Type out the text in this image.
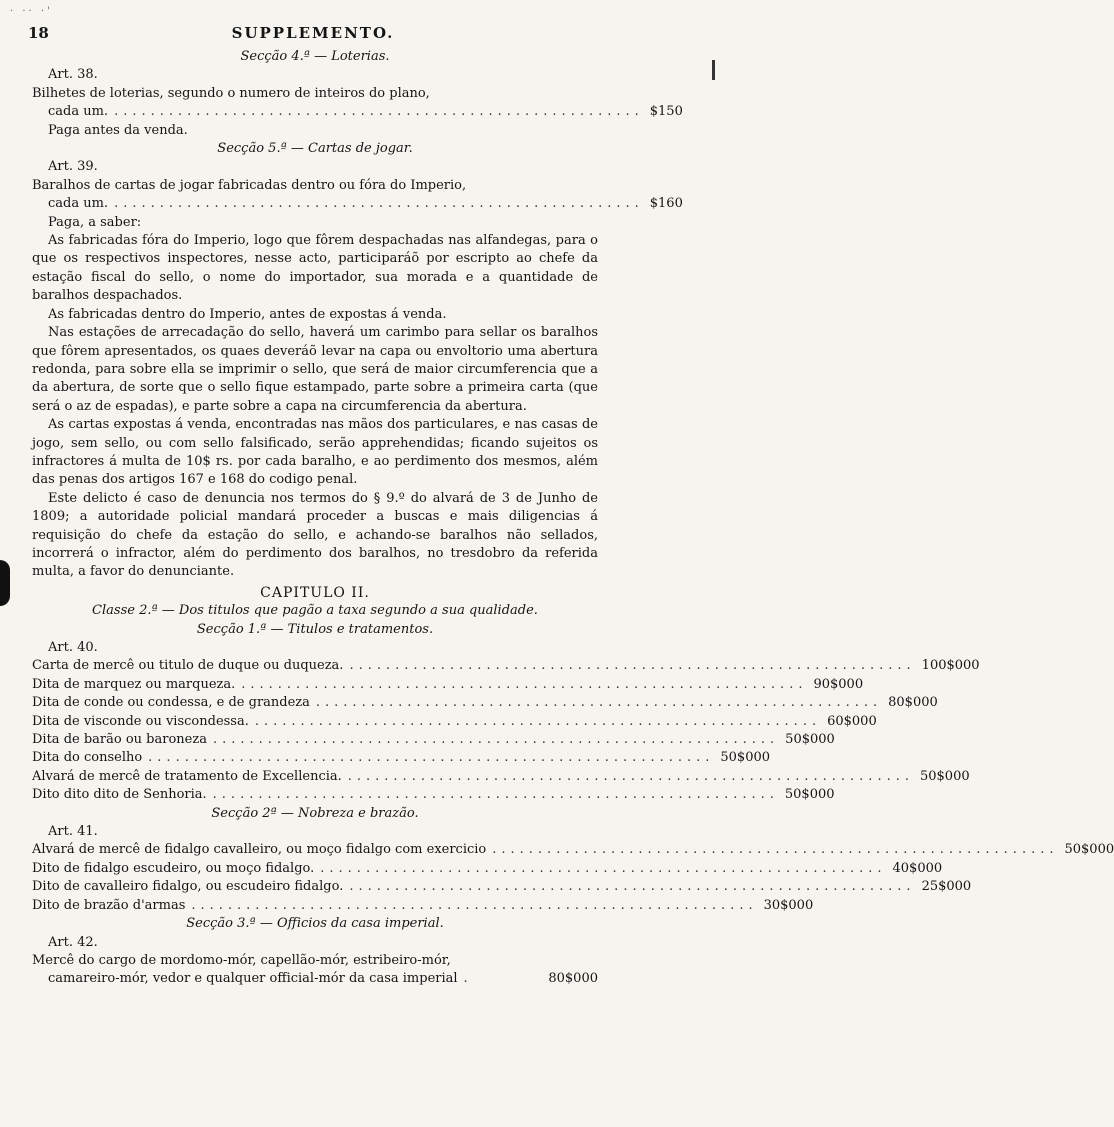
· ·· ·'
18	SUPPLEMENTO.
Secção 4.ª — Loterias.
Art. 38.
Bilhetes de loterias, segundo o numero de inteiros do plano,
cada um. .......................................................... $150
Paga antes da venda.
Secção 5.ª — Cartas de jogar.
Art. 39.
Baralhos de cartas de jogar fabricadas dentro ou fóra do Imperio,
cada um. .......................................................... $160
Paga, a saber:

As fabricadas fóra do Imperio, logo que fôrem despachadas nas alfandegas, para o que os respectivos inspectores, nesse acto, participaráõ por escripto ao chefe da estação fiscal do sello, o nome do importador, sua morada e a quantidade de baralhos despachados.

As fabricadas dentro do Imperio, antes de expostas á venda.

Nas estações de arrecadação do sello, haverá um carimbo para sellar os baralhos que fôrem apresentados, os quaes deveráõ levar na capa ou envoltorio uma abertura redonda, para sobre ella se imprimir o sello, que será de maior circumferencia que a da abertura, de sorte que o sello fique estampado, parte sobre a primeira carta (que será o az de espadas), e parte sobre a capa na circumferencia da abertura.

As cartas expostas á venda, encontradas nas mãos dos particulares, e nas casas de jogo, sem sello, ou com sello falsificado, serão apprehendidas; ficando sujeitos os infractores á multa de 10$ rs. por cada baralho, e ao perdimento dos mesmos, além das penas dos artigos 167 e 168 do codigo penal.

Este delicto é caso de denuncia nos termos do § 9.º do alvará de 3 de Junho de 1809; a autoridade policial mandará proceder a buscas e mais diligencias á requisição do chefe da estação do sello, e achando-se baralhos não sellados, incorrerá o infractor, além do perdimento dos baralhos, no tresdobro da referida multa, a favor do denunciante.

CAPITULO II.
Classe 2.ª — Dos titulos que pagão a taxa segundo a sua qualidade.
Secção 1.ª — Titulos e tratamentos.
Art. 40.
Carta de mercê ou titulo de duque ou duqueza. .............................................................. 100$000
Dita de marquez ou marqueza. .............................................................. 90$000
Dita de conde ou condessa, e de grandeza .............................................................. 80$000
Dita de visconde ou viscondessa. .............................................................. 60$000
Dita de barão ou baroneza .............................................................. 50$000
Dita do conselho .............................................................. 50$000
Alvará de mercê de tratamento de Excellencia. .............................................................. 50$000
Dito dito dito de Senhoria. .............................................................. 50$000
Secção 2ª — Nobreza e brazão.
Art. 41.
Alvará de mercê de fidalgo cavalleiro, ou moço fidalgo com exercicio .............................................................. 50$000
Dito de fidalgo escudeiro, ou moço fidalgo. .............................................................. 40$000
Dito de cavalleiro fidalgo, ou escudeiro fidalgo. .............................................................. 25$000
Dito de brazão d'armas .............................................................. 30$000
Secção 3.ª — Officios da casa imperial.
Art. 42.
Mercê do cargo de mordomo-mór, capellão-mór, estribeiro-mór,
camareiro-mór, vedor e qualquer official-mór da casa imperial .	80$000
